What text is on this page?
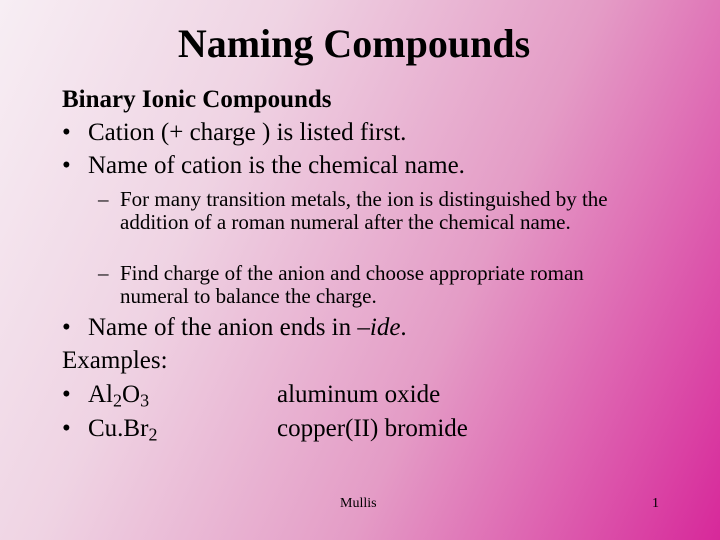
Naming Compounds
Binary Ionic Compounds
• Cation (+ charge ) is listed first.
• Name of cation is the chemical name.
– For many transition metals, the ion is distinguished by the addition of a roman numeral after the chemical name.
– Find charge of the anion and choose appropriate roman numeral to balance the charge.
• Name of the anion ends in –ide.
Examples:
• $Al_2O_3$	aluminum oxide
• $Cu.Br_2$	copper(II) bromide
Mullis	1
